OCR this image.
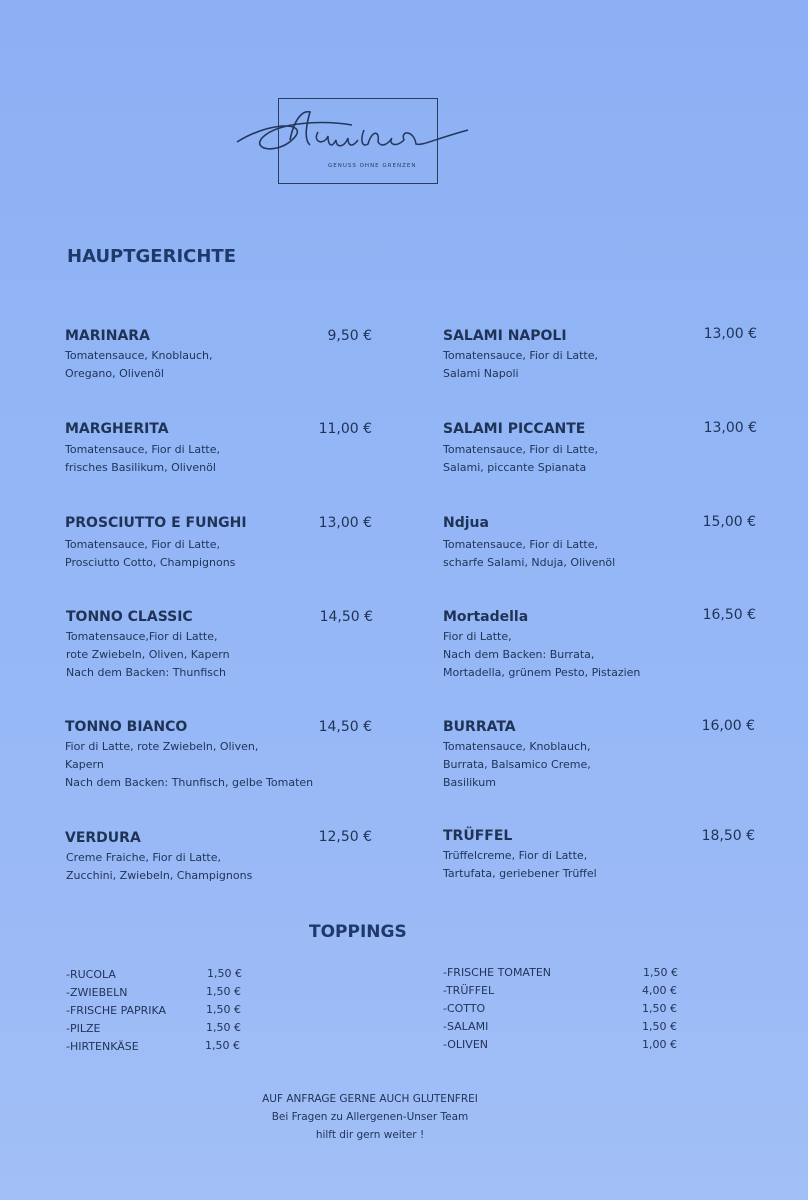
Aquila
GENUSS OHNE GRENZEN
HAUPTGERICHTE
TOPPINGS
MARINARA	9,50 €
Tomatensauce, Knoblauch,
Oregano, Olivenöl
MARGHERITA	11,00 €
Tomatensauce, Fior di Latte,
frisches Basilikum, Olivenöl
PROSCIUTTO E FUNGHI	13,00 €
Tomatensauce, Fior di Latte,
Prosciutto Cotto, Champignons
TONNO CLASSIC	14,50 €
Tomatensauce,Fior di Latte,
rote Zwiebeln, Oliven, Kapern
Nach dem Backen: Thunfisch
TONNO BIANCO	14,50 €
Fior di Latte, rote Zwiebeln, Oliven,
Kapern
Nach dem Backen: Thunfisch, gelbe Tomaten
VERDURA	12,50 €
Creme Fraiche, Fior di Latte,
Zucchini, Zwiebeln, Champignons
SALAMI NAPOLI	13,00 €
Tomatensauce, Fior di Latte,
Salami Napoli
SALAMI PICCANTE	13,00 €
Tomatensauce, Fior di Latte,
Salami, piccante Spianata
Ndjua	15,00 €
Tomatensauce, Fior di Latte,
scharfe Salami, Nduja, Olivenöl
Mortadella	16,50 €
Fior di Latte,
Nach dem Backen: Burrata,
Mortadella, grünem Pesto, Pistazien
BURRATA	16,00 €
Tomatensauce, Knoblauch,
Burrata, Balsamico Creme,
Basilikum
TRÜFFEL	18,50 €
Trüffelcreme, Fior di Latte,
Tartufata, geriebener Trüffel
-RUCOLA	1,50 €
-ZWIEBELN	1,50 €
-FRISCHE PAPRIKA	1,50 €
-PILZE	1,50 €
-HIRTENKÄSE	1,50 €
-FRISCHE TOMATEN	1,50 €
-TRÜFFEL	4,00 €
-COTTO	1,50 €
-SALAMI	1,50 €
-OLIVEN	1,00 €
AUF ANFRAGE GERNE AUCH GLUTENFREI
Bei Fragen zu Allergenen-Unser Team
hilft dir gern weiter !
